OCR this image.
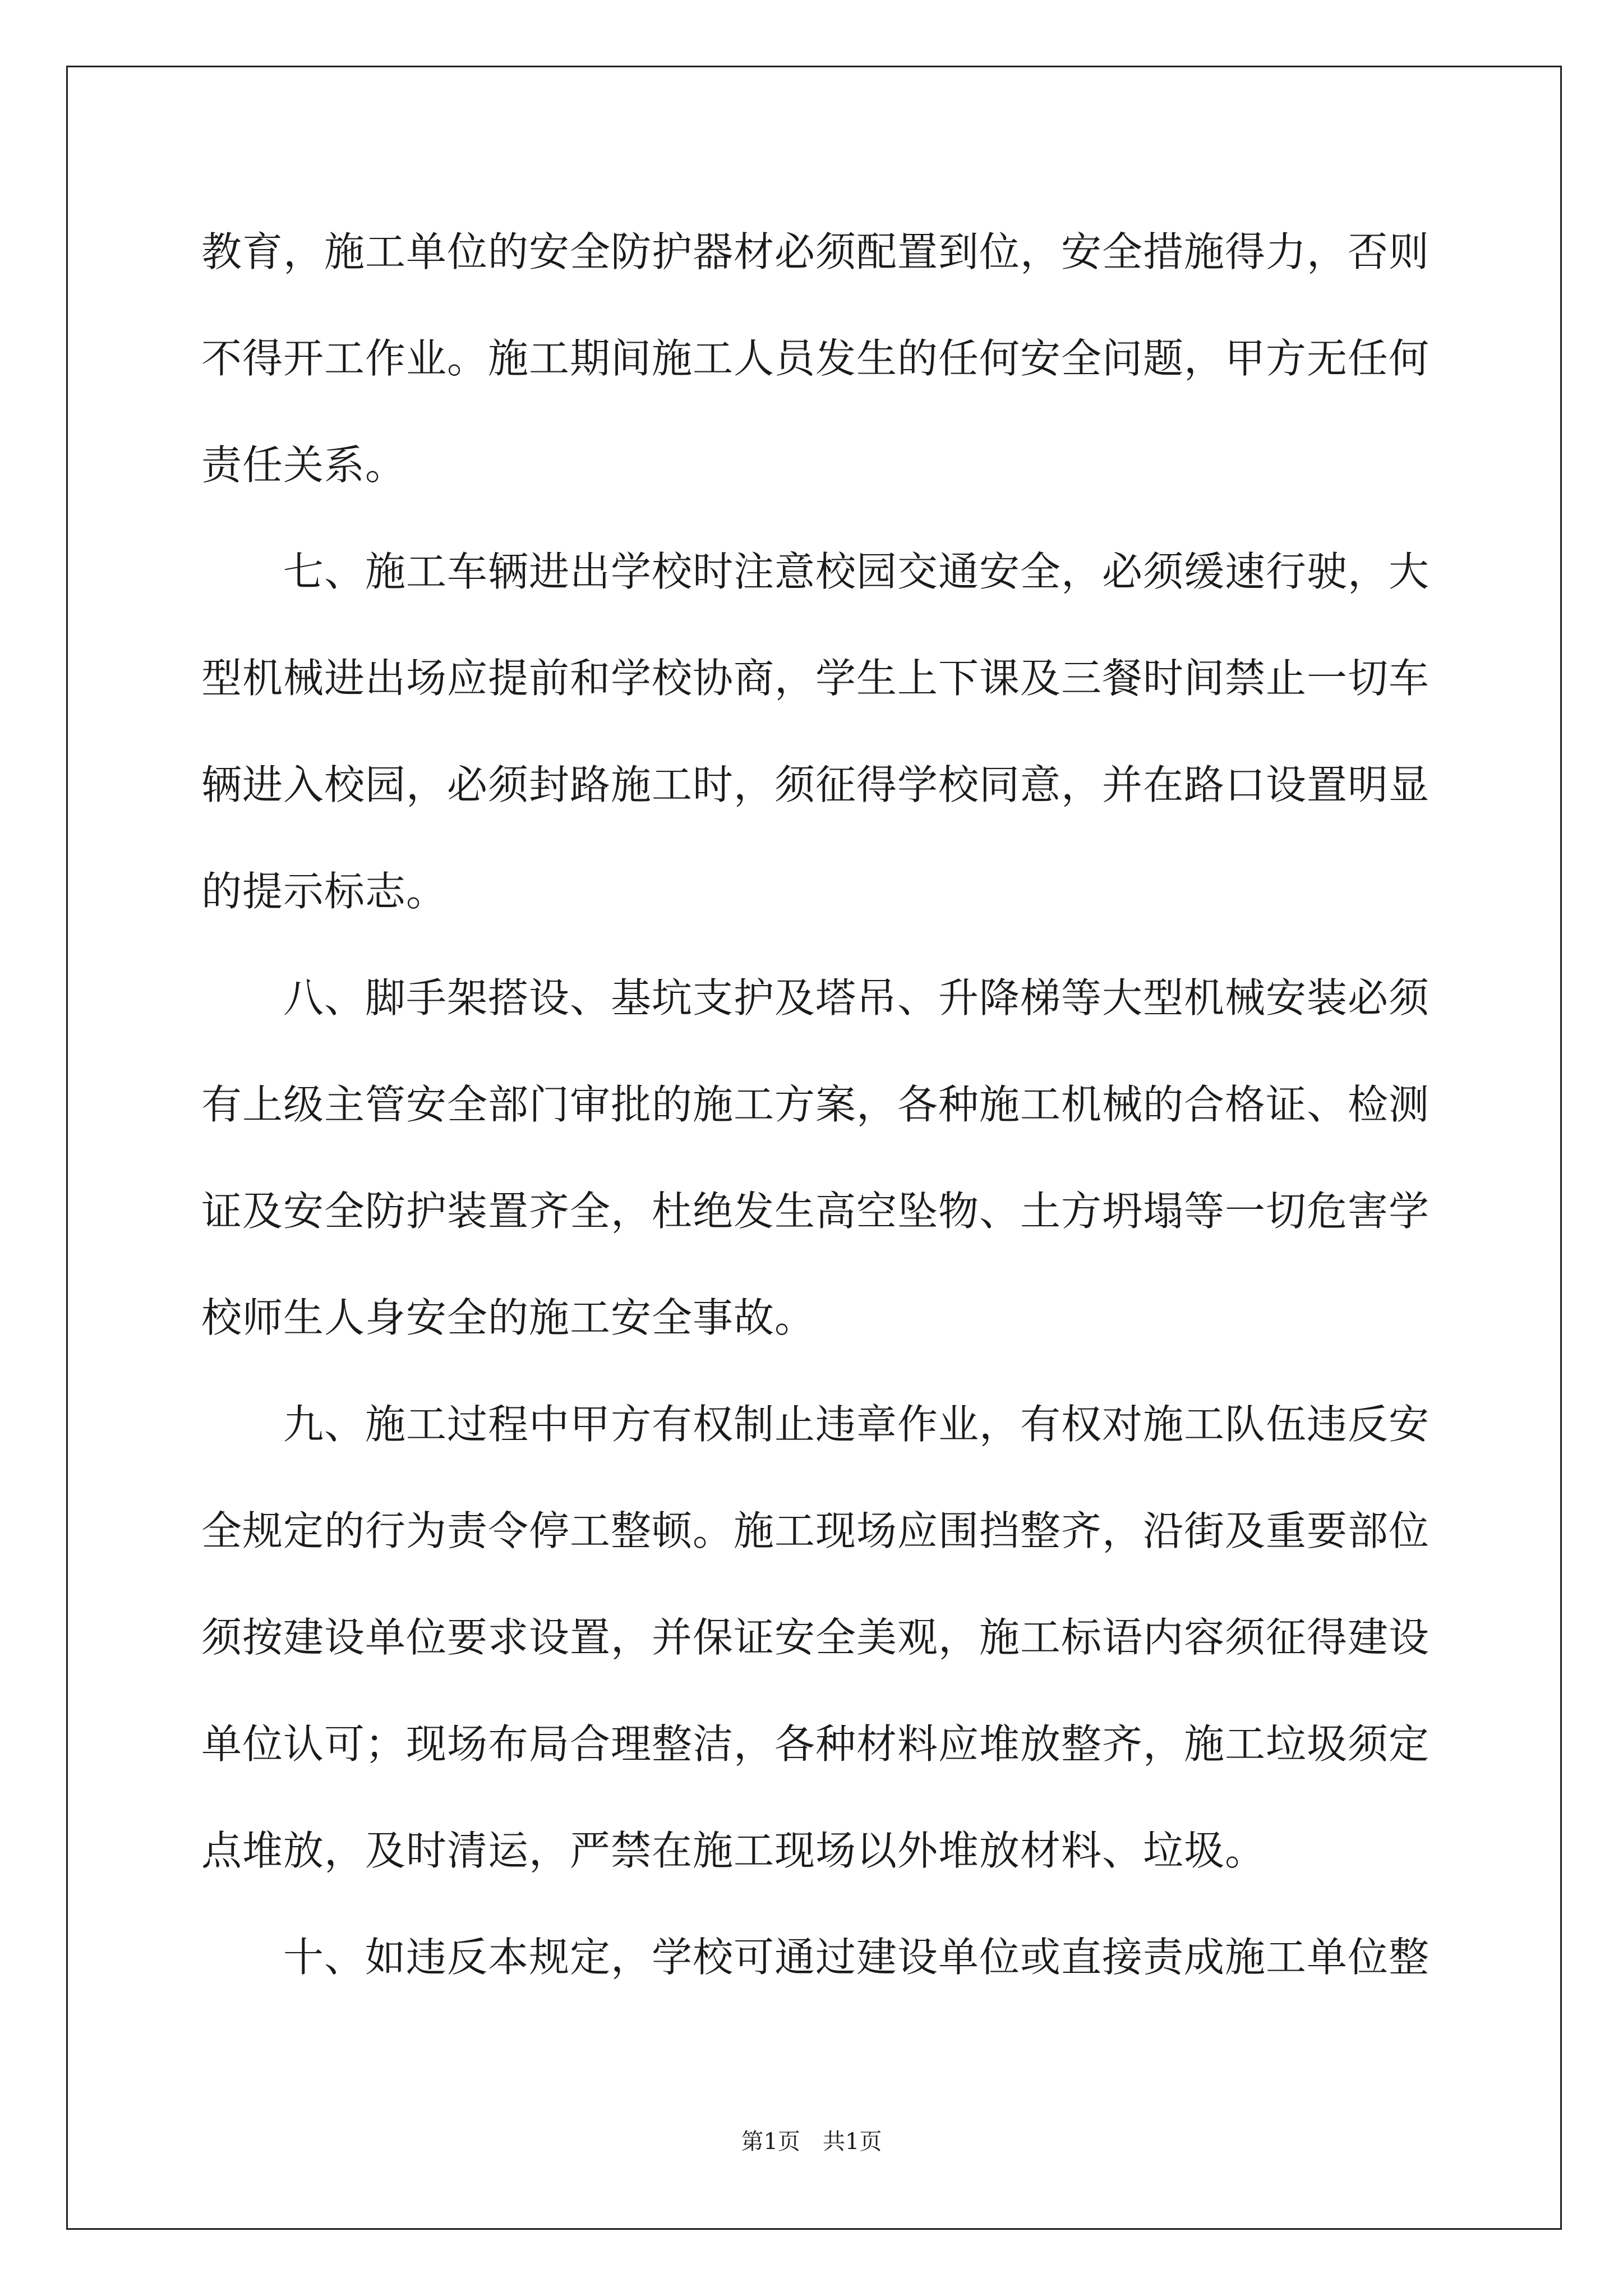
教育，施工单位的安全防护器材必须配置到位，安全措施得力，否则
不得开工作业。施工期间施工人员发生的任何安全问题，甲方无任何
责任关系。
七、施工车辆进出学校时注意校园交通安全，必须缓速行驶，大
型机械进出场应提前和学校协商，学生上下课及三餐时间禁止一切车
辆进入校园，必须封路施工时，须征得学校同意，并在路口设置明显
的提示标志。
八、脚手架搭设、基坑支护及塔吊、升降梯等大型机械安装必须
有上级主管安全部门审批的施工方案，各种施工机械的合格证、检测
证及安全防护装置齐全，杜绝发生高空坠物、土方坍塌等一切危害学
校师生人身安全的施工安全事故。
九、施工过程中甲方有权制止违章作业，有权对施工队伍违反安
全规定的行为责令停工整顿。施工现场应围挡整齐，沿街及重要部位
须按建设单位要求设置，并保证安全美观，施工标语内容须征得建设
单位认可；现场布局合理整洁，各种材料应堆放整齐，施工垃圾须定
点堆放，及时清运，严禁在施工现场以外堆放材料、垃圾。
十、如违反本规定，学校可通过建设单位或直接责成施工单位整
第1页　共1页
